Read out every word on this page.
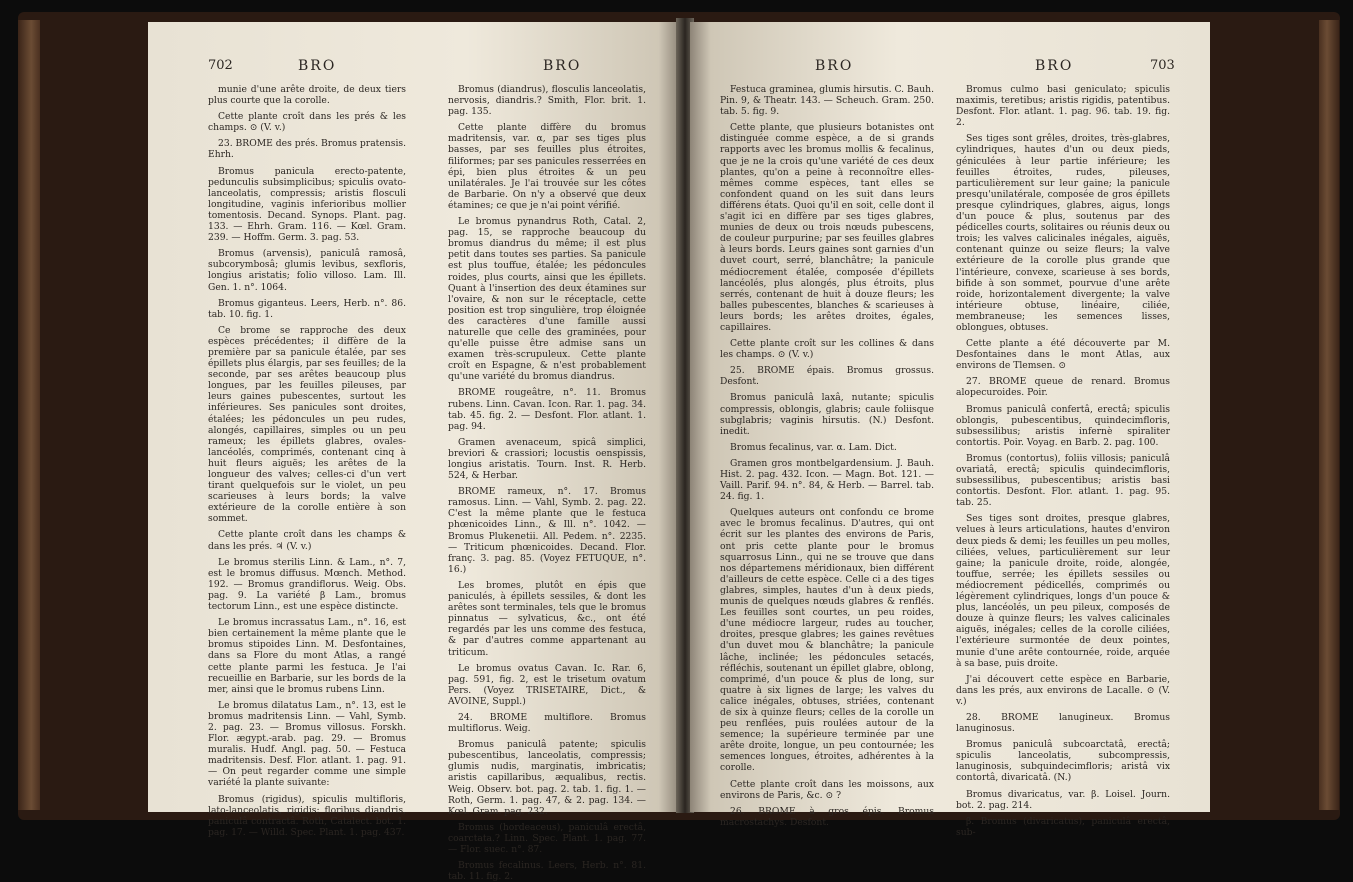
702	BRO	BRO

munie d'une arête droite, de deux tiers plus courte que la corolle.

Cette plante croît dans les prés & les champs. ⊙ (V. v.)

23. BROME des prés. Bromus pratensis. Ehrh.

Bromus panicula erecto-patente, pedunculis subsimplicibus; spiculis ovato-lanceolatis, compressis; aristis flosculi longitudine, vaginis inferioribus mollier tomentosis. Decand. Synops. Plant. pag. 133. — Ehrh. Gram. 116. — Kœl. Gram. 239. — Hoffm. Germ. 3. pag. 53.

Bromus (arvensis), paniculâ ramosâ, subcorymbosâ; glumis levibus, sexfloris, longius aristatis; folio villoso. Lam. Ill. Gen. 1. n°. 1064.

Bromus giganteus. Leers, Herb. n°. 86. tab. 10. fig. 1.

Ce brome se rapproche des deux espèces précédentes; il diffère de la première par sa panicule étalée, par ses épillets plus élargis, par ses feuilles; de la seconde, par ses arêtes beaucoup plus longues, par les feuilles pileuses, par leurs gaines pubescentes, surtout les inférieures. Ses panicules sont droites, étalées; les pédoncules un peu rudes, alongés, capillaires, simples ou un peu rameux; les épillets glabres, ovales-lancéolés, comprimés, contenant cinq à huit fleurs aiguës; les arêtes de la longueur des valves; celles-ci d'un vert tirant quelquefois sur le violet, un peu scarieuses à leurs bords; la valve extérieure de la corolle entière à son sommet.

Cette plante croît dans les champs & dans les prés. ♃ (V. v.)

Le bromus sterilis Linn. & Lam., n°. 7, est le bromus diffusus. Mœnch. Method. 192. — Bromus grandiflorus. Weig. Obs. pag. 9. La variété β Lam., bromus tectorum Linn., est une espèce distincte.

Le bromus incrassatus Lam., n°. 16, est bien certainement la même plante que le bromus stipoides Linn. M. Desfontaines, dans sa Flore du mont Atlas, a rangé cette plante parmi les festuca. Je l'ai recueillie en Barbarie, sur les bords de la mer, ainsi que le bromus rubens Linn.

Le bromus dilatatus Lam., n°. 13, est le bromus madritensis Linn. — Vahl, Symb. 2. pag. 23. — Bromus villosus. Forskh. Flor. ægypt.-arab. pag. 29. — Bromus muralis. Hudf. Angl. pag. 50. — Festuca madritensis. Desf. Flor. atlant. 1. pag. 91. — On peut regarder comme une simple variété la plante suivante:

Bromus (rigidus), spiculis multifloris, lato-lanceolatis, rigidis; floribus diandris, paniculâ contractâ. Roth, Catalect. bot. 1. pag. 17. — Willd. Spec. Plant. 1. pag. 437.

Bromus (diandrus), flosculis lanceolatis, nervosis, diandris.? Smith, Flor. brit. 1. pag. 135.

Cette plante diffère du bromus madritensis, var. α, par ses tiges plus basses, par ses feuilles plus étroites, filiformes; par ses panicules resserrées en épi, bien plus étroites & un peu unilatérales. Je l'ai trouvée sur les côtes de Barbarie. On n'y a observé que deux étamines; ce que je n'ai point vérifié.

Le bromus pynandrus Roth, Catal. 2, pag. 15, se rapproche beaucoup du bromus diandrus du même; il est plus petit dans toutes ses parties. Sa panicule est plus touffue, étalée; les pédoncules roides, plus courts, ainsi que les épillets. Quant à l'insertion des deux étamines sur l'ovaire, & non sur le réceptacle, cette position est trop singulière, trop éloignée des caractères d'une famille aussi naturelle que celle des graminées, pour qu'elle puisse être admise sans un examen très-scrupuleux. Cette plante croît en Espagne, & n'est probablement qu'une variété du bromus diandrus.

BROME rougeâtre, n°. 11. Bromus rubens. Linn. Cavan. Icon. Rar. 1. pag. 34. tab. 45. fig. 2. — Desfont. Flor. atlant. 1. pag. 94.

Gramen avenaceum, spicâ simplici, breviori & crassiori; locustis oenspissis, longius aristatis. Tourn. Inst. R. Herb. 524, & Herbar.

BROME rameux, n°. 17. Bromus ramosus. Linn. — Vahl, Symb. 2. pag. 22. C'est la même plante que le festuca phœnicoides Linn., & Ill. n°. 1042. — Bromus Plukenetii. All. Pedem. n°. 2235. — Triticum phœnicoides. Decand. Flor. franç. 3. pag. 85. (Voyez FETUQUE, n°. 16.)

Les bromes, plutôt en épis que paniculés, à épillets sessiles, & dont les arêtes sont terminales, tels que le bromus pinnatus — sylvaticus, &c., ont été regardés par les uns comme des festuca, & par d'autres comme appartenant au triticum.

Le bromus ovatus Cavan. Ic. Rar. 6, pag. 591, fig. 2, est le trisetum ovatum Pers. (Voyez TRISETAIRE, Dict., & AVOINE, Suppl.)

24. BROME multiflore. Bromus multiflorus. Weig.

Bromus paniculâ patente; spiculis pubescentibus, lanceolatis, compressis; glumis nudis, marginatis, imbricatis; aristis capillaribus, æqualibus, rectis. Weig. Observ. bot. pag. 2. tab. 1. fig. 1. — Roth, Germ. 1. pag. 47, & 2. pag. 134. — Kœl. Gram. pag. 232.

Bromus (hordeaceus), paniculâ erectâ, coarctata.? Linn. Spec. Plant. 1. pag. 77. — Flor. suec. n°. 87.

Bromus fecalinus. Leers, Herb. n°. 81. tab. 11. fig. 2.

BRO	BRO	703

Festuca graminea, glumis hirsutis. C. Bauh. Pin. 9, & Theatr. 143. — Scheuch. Gram. 250. tab. 5. fig. 9.

Cette plante, que plusieurs botanistes ont distinguée comme espèce, a de si grands rapports avec les bromus mollis & fecalinus, que je ne la crois qu'une variété de ces deux plantes, qu'on a peine à reconnoître elles-mêmes comme espèces, tant elles se confondent quand on les suit dans leurs différens états. Quoi qu'il en soit, celle dont il s'agit ici en diffère par ses tiges glabres, munies de deux ou trois nœuds pubescens, de couleur purpurine; par ses feuilles glabres à leurs bords. Leurs gaines sont garnies d'un duvet court, serré, blanchâtre; la panicule médiocrement étalée, composée d'épillets lancéolés, plus alongés, plus étroits, plus serrés, contenant de huit à douze fleurs; les balles pubescentes, blanches & scarieuses à leurs bords; les arêtes droites, égales, capillaires.

Cette plante croît sur les collines & dans les champs. ⊙ (V. v.)

25. BROME épais. Bromus grossus. Desfont.

Bromus paniculâ laxâ, nutante; spiculis compressis, oblongis, glabris; caule foliisque subglabris; vaginis hirsutis. (N.) Desfont. inedit.

Bromus fecalinus, var. α. Lam. Dict.

Gramen gros montbelgardensium. J. Bauh. Hist. 2. pag. 432. Icon. — Magn. Bot. 121. — Vaill. Parif. 94. n°. 84, & Herb. — Barrel. tab. 24. fig. 1.

Quelques auteurs ont confondu ce brome avec le bromus fecalinus. D'autres, qui ont écrit sur les plantes des environs de Paris, ont pris cette plante pour le bromus squarrosus Linn., qui ne se trouve que dans nos départemens méridionaux, bien différent d'ailleurs de cette espèce. Celle ci a des tiges glabres, simples, hautes d'un à deux pieds, munis de quelques nœuds glabres & renflés. Les feuilles sont courtes, un peu roides, d'une médiocre largeur, rudes au toucher, droites, presque glabres; les gaines revêtues d'un duvet mou & blanchâtre; la panicule lâche, inclinée; les pédoncules setacés, réfléchis, soutenant un épillet glabre, oblong, comprimé, d'un pouce & plus de long, sur quatre à six lignes de large; les valves du calice inégales, obtuses, striées, contenant de six à quinze fleurs; celles de la corolle un peu renflées, puis roulées autour de la semence; la supérieure terminée par une arête droite, longue, un peu contournée; les semences longues, étroites, adhérentes à la corolle.

Cette plante croît dans les moissons, aux environs de Paris, &c. ⊙ ?

26. BROME à gros épis. Bromus macrostachys. Desfont.

Bromus culmo basi geniculato; spiculis maximis, teretibus; aristis rigidis, patentibus. Desfont. Flor. atlant. 1. pag. 96. tab. 19. fig. 2.

Ses tiges sont grêles, droites, très-glabres, cylindriques, hautes d'un ou deux pieds, géniculées à leur partie inférieure; les feuilles étroites, rudes, pileuses, particulièrement sur leur gaine; la panicule presqu'unilatérale, composée de gros épillets presque cylindriques, glabres, aigus, longs d'un pouce & plus, soutenus par des pédicelles courts, solitaires ou réunis deux ou trois; les valves calicinales inégales, aiguës, contenant quinze ou seize fleurs; la valve extérieure de la corolle plus grande que l'intérieure, convexe, scarieuse à ses bords, bifide à son sommet, pourvue d'une arête roide, horizontalement divergente; la valve intérieure obtuse, linéaire, ciliée, membraneuse; les semences lisses, oblongues, obtuses.

Cette plante a été découverte par M. Desfontaines dans le mont Atlas, aux environs de Tlemsen. ⊙

27. BROME queue de renard. Bromus alopecuroides. Poir.

Bromus paniculâ confertâ, erectâ; spiculis oblongis, pubescentibus, quindecimfloris, subsessilibus; aristis infernè spiraliter contortis. Poir. Voyag. en Barb. 2. pag. 100.

Bromus (contortus), foliis villosis; paniculâ ovariatâ, erectâ; spiculis quindecimfloris, subsessilibus, pubescentibus; aristis basi contortis. Desfont. Flor. atlant. 1. pag. 95. tab. 25.

Ses tiges sont droites, presque glabres, velues à leurs articulations, hautes d'environ deux pieds & demi; les feuilles un peu molles, ciliées, velues, particulièrement sur leur gaine; la panicule droite, roide, alongée, touffue, serrée; les épillets sessiles ou médiocrement pédicellés, comprimés ou légèrement cylindriques, longs d'un pouce & plus, lancéolés, un peu pileux, composés de douze à quinze fleurs; les valves calicinales aiguës, inégales; celles de la corolle ciliées, l'extérieure surmontée de deux pointes, munie d'une arête contournée, roide, arquée à sa base, puis droite.

J'ai découvert cette espèce en Barbarie, dans les prés, aux environs de Lacalle. ⊙ (V. v.)

28. BROME lanugineux. Bromus lanuginosus.

Bromus paniculâ subcoarctatâ, erectâ; spiculis lanceolatis, subcompressis, lanuginosis, subquindecimfloris; aristâ vix contortâ, divaricatâ. (N.)

Bromus divaricatus, var. β. Loisel. Journ. bot. 2. pag. 214.

β. Bromus (divaricatus), paniculâ erectâ, sub-
